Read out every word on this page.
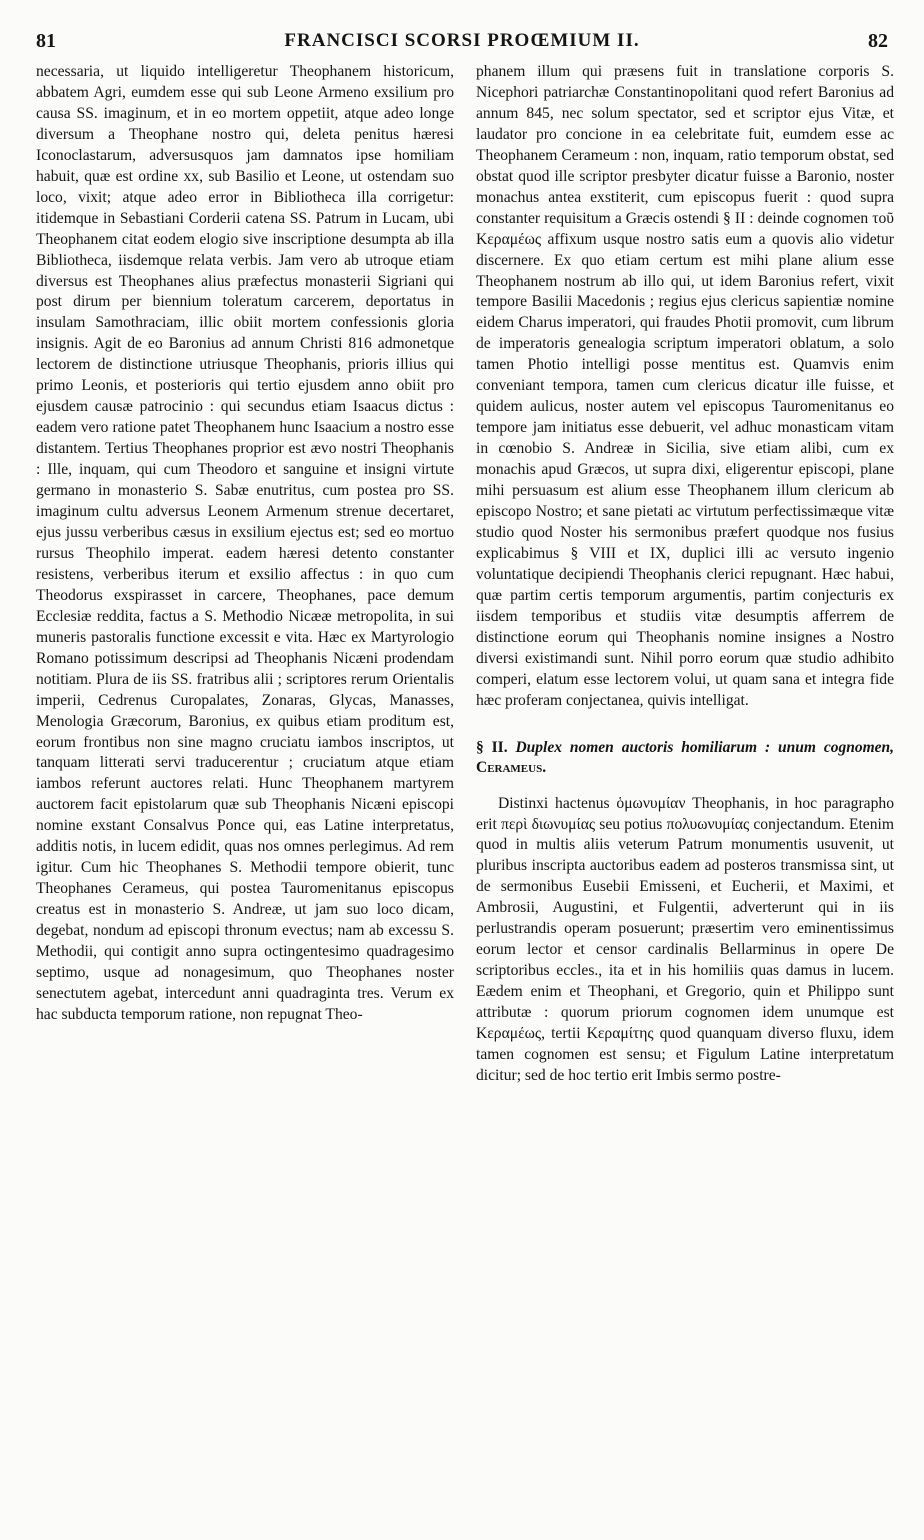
81	FRANCISCI SCORSI PROŒMIUM II.	82

necessaria, ut liquido intelligeretur Theophanem historicum, abbatem Agri, eumdem esse qui sub Leone Armeno exsilium pro causa SS. imaginum, et in eo mortem oppetiit, atque adeo longe diversum a Theophane nostro qui, deleta penitus hæresi Iconoclastarum, adversusquos jam damnatos ipse homiliam habuit, quæ est ordine xx, sub Basilio et Leone, ut ostendam suo loco, vixit; atque adeo error in Bibliotheca illa corrigetur: itidemque in Sebastiani Corderii catena SS. Patrum in Lucam, ubi Theophanem citat eodem elogio sive inscriptione desumpta ab illa Bibliotheca, iisdemque relata verbis. Jam vero ab utroque etiam diversus est Theophanes alius præfectus monasterii Sigriani qui post dirum per biennium toleratum carcerem, deportatus in insulam Samothraciam, illic obiit mortem confessionis gloria insignis. Agit de eo Baronius ad annum Christi 816 admonetque lectorem de distinctione utriusque Theophanis, prioris illius qui primo Leonis, et posterioris qui tertio ejusdem anno obiit pro ejusdem causæ patrocinio : qui secundus etiam Isaacus dictus : eadem vero ratione patet Theophanem hunc Isaacium a nostro esse distantem. Tertius Theophanes proprior est ævo nostri Theophanis : Ille, inquam, qui cum Theodoro et sanguine et insigni virtute germano in monasterio S. Sabæ enutritus, cum postea pro SS. imaginum cultu adversus Leonem Armenum strenue decertaret, ejus jussu verberibus cæsus in exsilium ejectus est; sed eo mortuo rursus Theophilo imperat. eadem hæresi detento constanter resistens, verberibus iterum et exsilio affectus : in quo cum Theodorus exspirasset in carcere, Theophanes, pace demum Ecclesiæ reddita, factus a S. Methodio Nicææ metropolita, in sui muneris pastoralis functione excessit e vita. Hæc ex Martyrologio Romano potissimum descripsi ad Theophanis Nicæni prodendam notitiam. Plura de iis SS. fratribus alii ; scriptores rerum Orientalis imperii, Cedrenus Curopalates, Zonaras, Glycas, Manasses, Menologia Græcorum, Baronius, ex quibus etiam proditum est, eorum frontibus non sine magno cruciatu iambos inscriptos, ut tanquam litterati servi traducerentur ; cruciatum atque etiam iambos referunt auctores relati. Hunc Theophanem martyrem auctorem facit epistolarum quæ sub Theophanis Nicæni episcopi nomine exstant Consalvus Ponce qui, eas Latine interpretatus, additis notis, in lucem edidit, quas nos omnes perlegimus. Ad rem igitur. Cum hic Theophanes S. Methodii tempore obierit, tunc Theophanes Cerameus, qui postea Tauromenitanus episcopus creatus est in monasterio S. Andreæ, ut jam suo loco dicam, degebat, nondum ad episcopi thronum evectus; nam ab excessu S. Methodii, qui contigit anno supra octingentesimo quadragesimo septimo, usque ad nonagesimum, quo Theophanes noster senectutem agebat, intercedunt anni quadraginta tres. Verum ex hac subducta temporum ratione, non repugnat Theo-

phanem illum qui præsens fuit in translatione corporis S. Nicephori patriarchæ Constantinopolitani quod refert Baronius ad annum 845, nec solum spectator, sed et scriptor ejus Vitæ, et laudator pro concione in ea celebritate fuit, eumdem esse ac Theophanem Cerameum : non, inquam, ratio temporum obstat, sed obstat quod ille scriptor presbyter dicatur fuisse a Baronio, noster monachus antea exstiterit, cum episcopus fuerit : quod supra constanter requisitum a Græcis ostendi § II : deinde cognomen τοῦ Κεραμέως affixum usque nostro satis eum a quovis alio videtur discernere. Ex quo etiam certum est mihi plane alium esse Theophanem nostrum ab illo qui, ut idem Baronius refert, vixit tempore Basilii Macedonis ; regius ejus clericus sapientiæ nomine eidem Charus imperatori, qui fraudes Photii promovit, cum librum de imperatoris genealogia scriptum imperatori oblatum, a solo tamen Photio intelligi posse mentitus est. Quamvis enim conveniant tempora, tamen cum clericus dicatur ille fuisse, et quidem aulicus, noster autem vel episcopus Tauromenitanus eo tempore jam initiatus esse debuerit, vel adhuc monasticam vitam in cœnobio S. Andreæ in Sicilia, sive etiam alibi, cum ex monachis apud Græcos, ut supra dixi, eligerentur episcopi, plane mihi persuasum est alium esse Theophanem illum clericum ab episcopo Nostro; et sane pietati ac virtutum perfectissimæque vitæ studio quod Noster his sermonibus præfert quodque nos fusius explicabimus § VIII et IX, duplici illi ac versuto ingenio voluntatique decipiendi Theophanis clerici repugnant. Hæc habui, quæ partim certis temporum argumentis, partim conjecturis ex iisdem temporibus et studiis vitæ desumptis afferrem de distinctione eorum qui Theophanis nomine insignes a Nostro diversi existimandi sunt. Nihil porro eorum quæ studio adhibito comperi, elatum esse lectorem volui, ut quam sana et integra fide hæc proferam conjectanea, quivis intelligat.

§ II. Duplex nomen auctoris homiliarum : unum cognomen, Cerameus.

Distinxi hactenus ὁμωνυμίαν Theophanis, in hoc paragrapho erit περὶ διωνυμίας seu potius πολυωνυμίας conjectandum. Etenim quod in multis aliis veterum Patrum monumentis usuvenit, ut pluribus inscripta auctoribus eadem ad posteros transmissa sint, ut de sermonibus Eusebii Emisseni, et Eucherii, et Maximi, et Ambrosii, Augustini, et Fulgentii, adverterunt qui in iis perlustrandis operam posuerunt; præsertim vero eminentissimus eorum lector et censor cardinalis Bellarminus in opere De scriptoribus eccles., ita et in his homiliis quas damus in lucem. Eædem enim et Theophani, et Gregorio, quin et Philippo sunt attributæ : quorum priorum cognomen idem unumque est Κεραμέως, tertii Κεραμίτης quod quanquam diverso fluxu, idem tamen cognomen est sensu; et Figulum Latine interpretatum dicitur; sed de hoc tertio erit Imbis sermo postre-
